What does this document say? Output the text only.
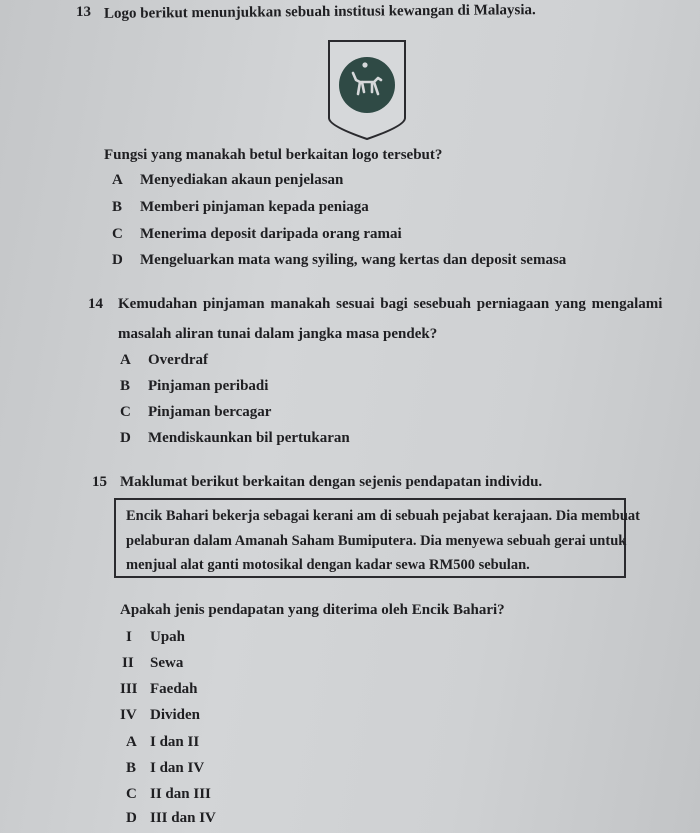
13 Logo berikut menunjukkan sebuah institusi kewangan di Malaysia.
Fungsi yang manakah betul berkaitan logo tersebut?
A Menyediakan akaun penjelasan
B Memberi pinjaman kepada peniaga
C Menerima deposit daripada orang ramai
D Mengeluarkan mata wang syiling, wang kertas dan deposit semasa
14 Kemudahan pinjaman manakah sesuai bagi sesebuah perniagaan yang mengalami
masalah aliran tunai dalam jangka masa pendek?
A Overdraf
B Pinjaman peribadi
C Pinjaman bercagar
D Mendiskaunkan bil pertukaran
15 Maklumat berikut berkaitan dengan sejenis pendapatan individu.
Encik Bahari bekerja sebagai kerani am di sebuah pejabat kerajaan. Dia membuat
pelaburan dalam Amanah Saham Bumiputera. Dia menyewa sebuah gerai untuk
menjual alat ganti motosikal dengan kadar sewa RM500 sebulan.
Apakah jenis pendapatan yang diterima oleh Encik Bahari?
I Upah
II Sewa
III Faedah
IV Dividen
A I dan II
B I dan IV
C II dan III
D III dan IV
